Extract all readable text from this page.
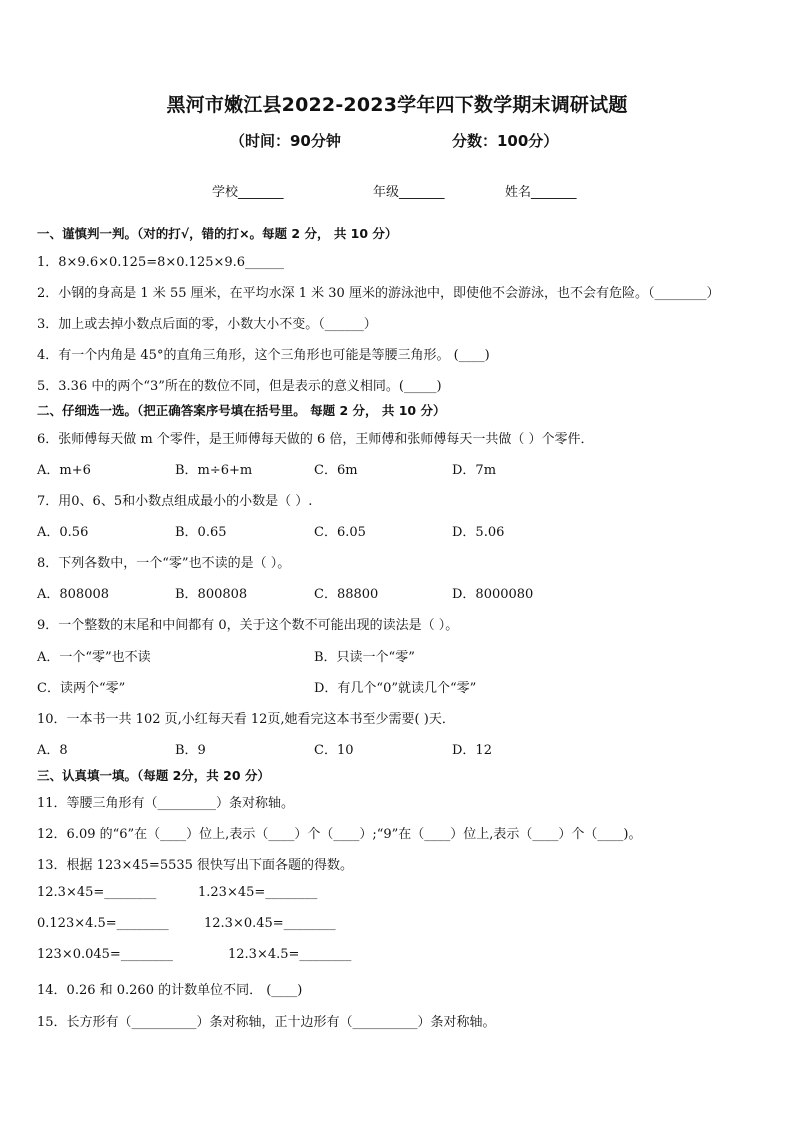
黑河市嫩江县2022-2023学年四下数学期末调研试题
（时间：90分钟	分数：100分）
学校_______	年级_______	姓名_______
一、谨慎判一判。（对的打√，错的打×。每题 2 分， 共 10 分）
1．8×9.6×0.125=8×0.125×9.6______
2．小钢的身高是 1 米 55 厘米，在平均水深 1 米 30 厘米的游泳池中，即使他不会游泳，也不会有危险。（________）
3．加上或去掉小数点后面的零，小数大小不变。（______）
4．有一个内角是 45°的直角三角形，这个三角形也可能是等腰三角形。 (____)
5．3.36 中的两个“3”所在的数位不同，但是表示的意义相同。(_____)
二、仔细选一选。（把正确答案序号填在括号里。 每题 2 分， 共 10 分）
6．张师傅每天做 m 个零件，是王师傅每天做的 6 倍，王师傅和张师傅每天一共做（ ）个零件．
A．m+6	B．m÷6+m	C．6m	D．7m
7．用0、6、5和小数点组成最小的小数是（ ）.
A．0.56	B．0.65	C．6.05	D．5.06
8．下列各数中，一个“零”也不读的是（ ）。
A．808008	B．800808	C．88800	D．8000080
9．一个整数的末尾和中间都有 0，关于这个数不可能出现的读法是（ ）。
A．一个“零”也不读	B．只读一个“零”
C．读两个“零”	D．有几个“0”就读几个“零”
10．一本书一共 102 页,小红每天看 12页,她看完这本书至少需要( )天．
A．8	B．9	C．10	D．12
三、认真填一填。（每题 2分，共 20 分）
11．等腰三角形有（_________）条对称轴。
12．6.09 的“6”在（____）位上,表示（____）个（____）;“9”在（____）位上,表示（____）个（____)。
13．根据 123×45=5535 很快写出下面各题的得数。
12.3×45=________	1.23×45=________
0.123×4.5=________	12.3×0.45=________
123×0.045=________	12.3×4.5=________
14．0.26 和 0.260 的计数单位不同． (____)
15．长方形有（__________）条对称轴，正十边形有（__________）条对称轴。
